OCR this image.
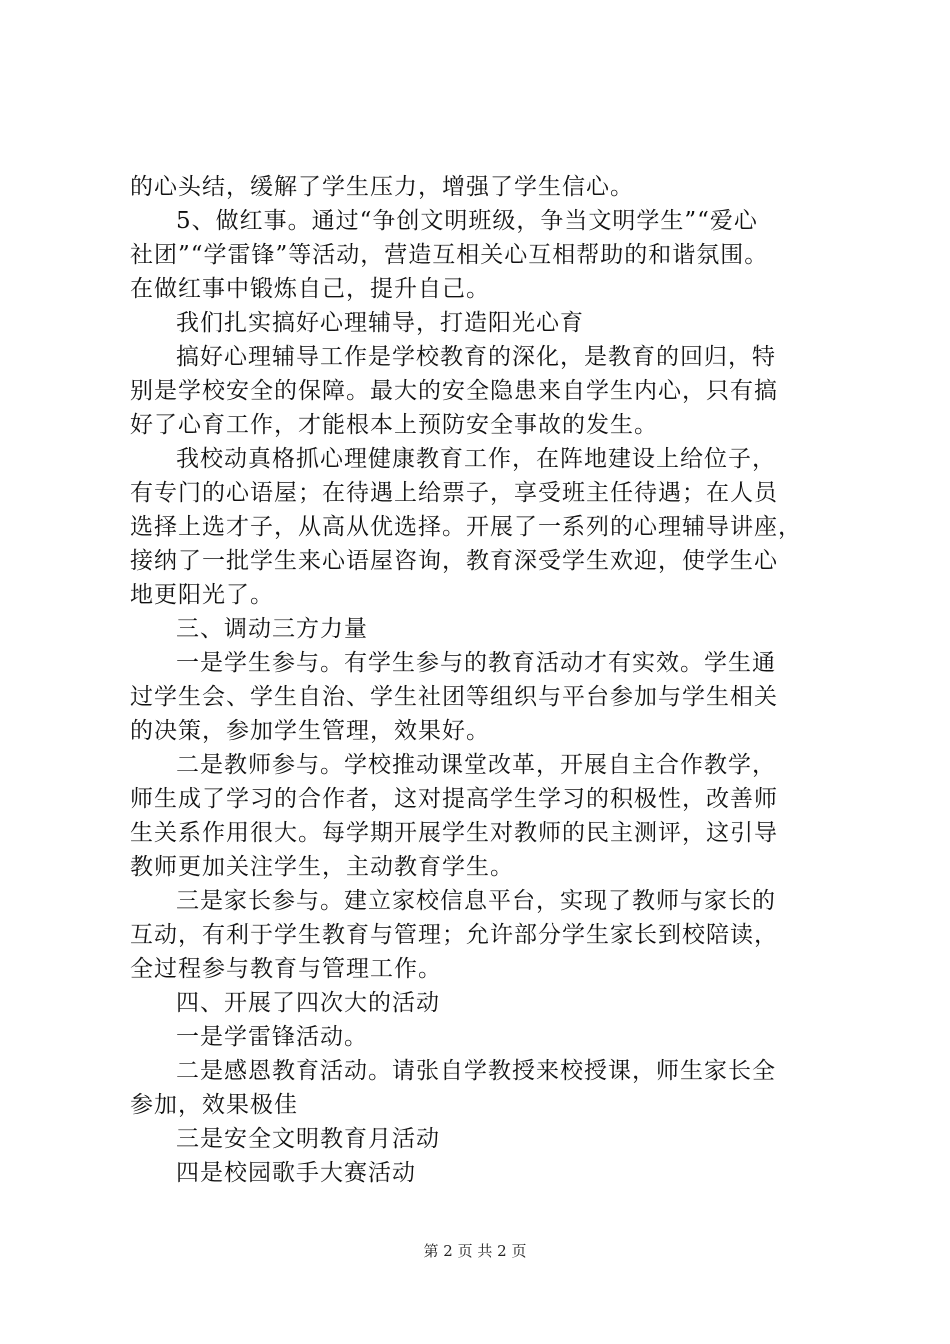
的心头结，缓解了学生压力，增强了学生信心。
5、做红事。通过“争创文明班级，争当文明学生”“爱心
社团”“学雷锋”等活动，营造互相关心互相帮助的和谐氛围。
在做红事中锻炼自己，提升自己。
我们扎实搞好心理辅导，打造阳光心育
搞好心理辅导工作是学校教育的深化，是教育的回归，特
别是学校安全的保障。最大的安全隐患来自学生内心，只有搞
好了心育工作，才能根本上预防安全事故的发生。
我校动真格抓心理健康教育工作，在阵地建设上给位子，
有专门的心语屋；在待遇上给票子，享受班主任待遇；在人员
选择上选才子，从高从优选择。开展了一系列的心理辅导讲座，
接纳了一批学生来心语屋咨询，教育深受学生欢迎，使学生心
地更阳光了。
三、调动三方力量
一是学生参与。有学生参与的教育活动才有实效。学生通
过学生会、学生自治、学生社团等组织与平台参加与学生相关
的决策，参加学生管理，效果好。
二是教师参与。学校推动课堂改革，开展自主合作教学，
师生成了学习的合作者，这对提高学生学习的积极性，改善师
生关系作用很大。每学期开展学生对教师的民主测评，这引导
教师更加关注学生，主动教育学生。
三是家长参与。建立家校信息平台，实现了教师与家长的
互动，有利于学生教育与管理；允许部分学生家长到校陪读，
全过程参与教育与管理工作。
四、开展了四次大的活动
一是学雷锋活动。
二是感恩教育活动。请张自学教授来校授课，师生家长全
参加，效果极佳
三是安全文明教育月活动
四是校园歌手大赛活动
第 2 页 共 2 页
